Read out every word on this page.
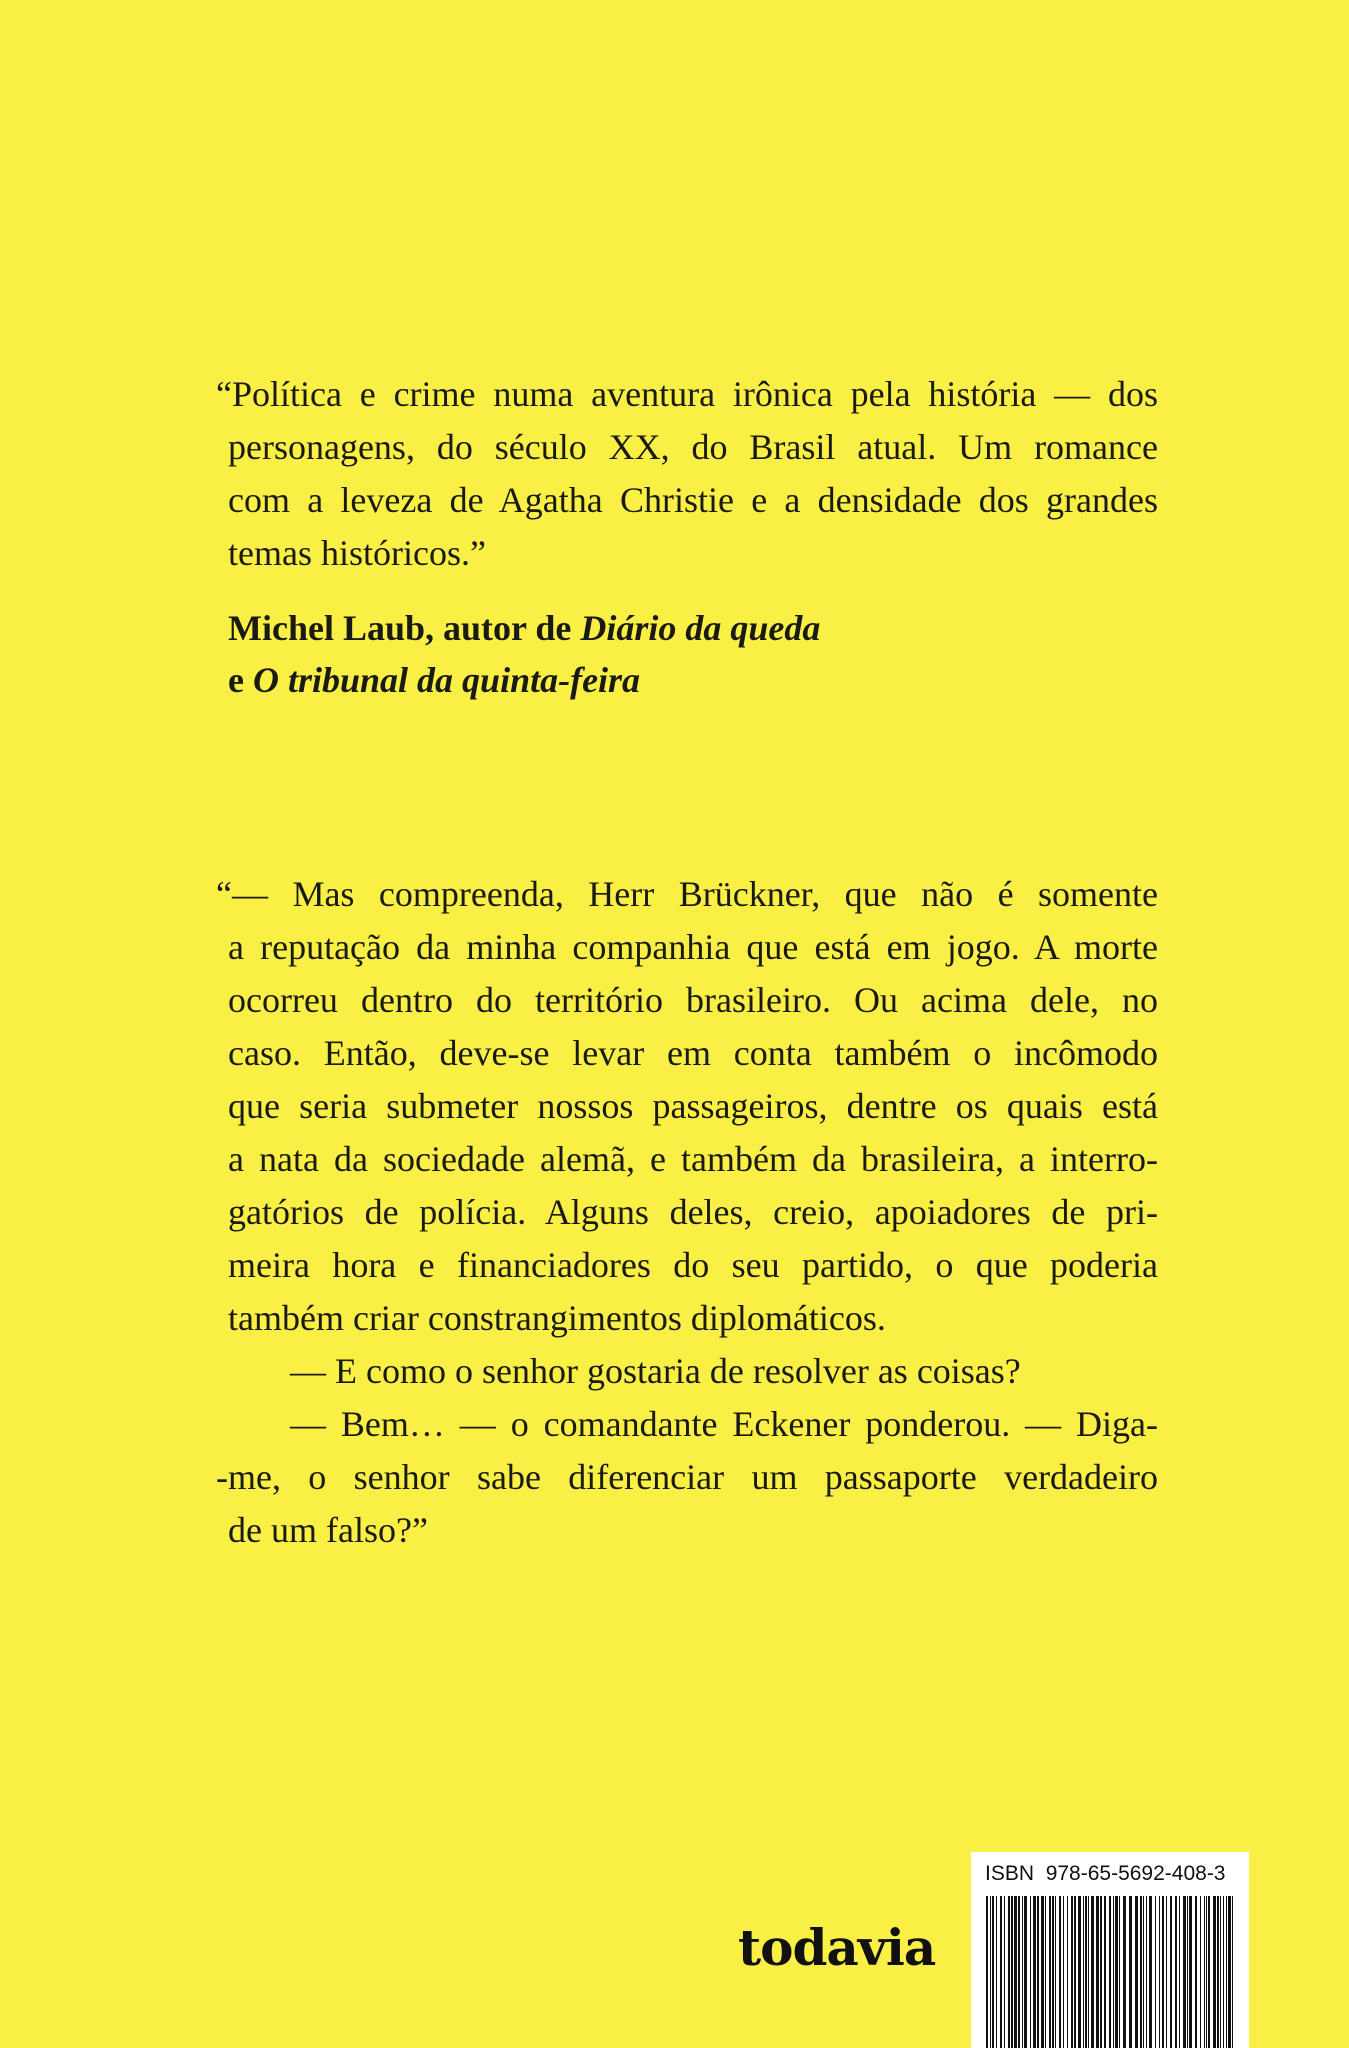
“Política e crime numa aventura irônica pela história — dos
personagens, do século XX, do Brasil atual. Um romance
com a leveza de Agatha Christie e a densidade dos grandes
temas históricos.”
Michel Laub, autor de Diário da queda
e O tribunal da quinta-feira
“— Mas compreenda, Herr Brückner, que não é somente
a reputação da minha companhia que está em jogo. A morte
ocorreu dentro do território brasileiro. Ou acima dele, no
caso. Então, deve-se levar em conta também o incômodo
que seria submeter nossos passageiros, dentre os quais está
a nata da sociedade alemã, e também da brasileira, a interro-
gatórios de polícia. Alguns deles, creio, apoiadores de pri-
meira hora e financiadores do seu partido, o que poderia
também criar constrangimentos diplomáticos.
— E como o senhor gostaria de resolver as coisas?
— Bem… — o comandante Eckener ponderou. — Diga-
-me, o senhor sabe diferenciar um passaporte verdadeiro
de um falso?”
todavia
ISBN 978-65-5692-408-3
